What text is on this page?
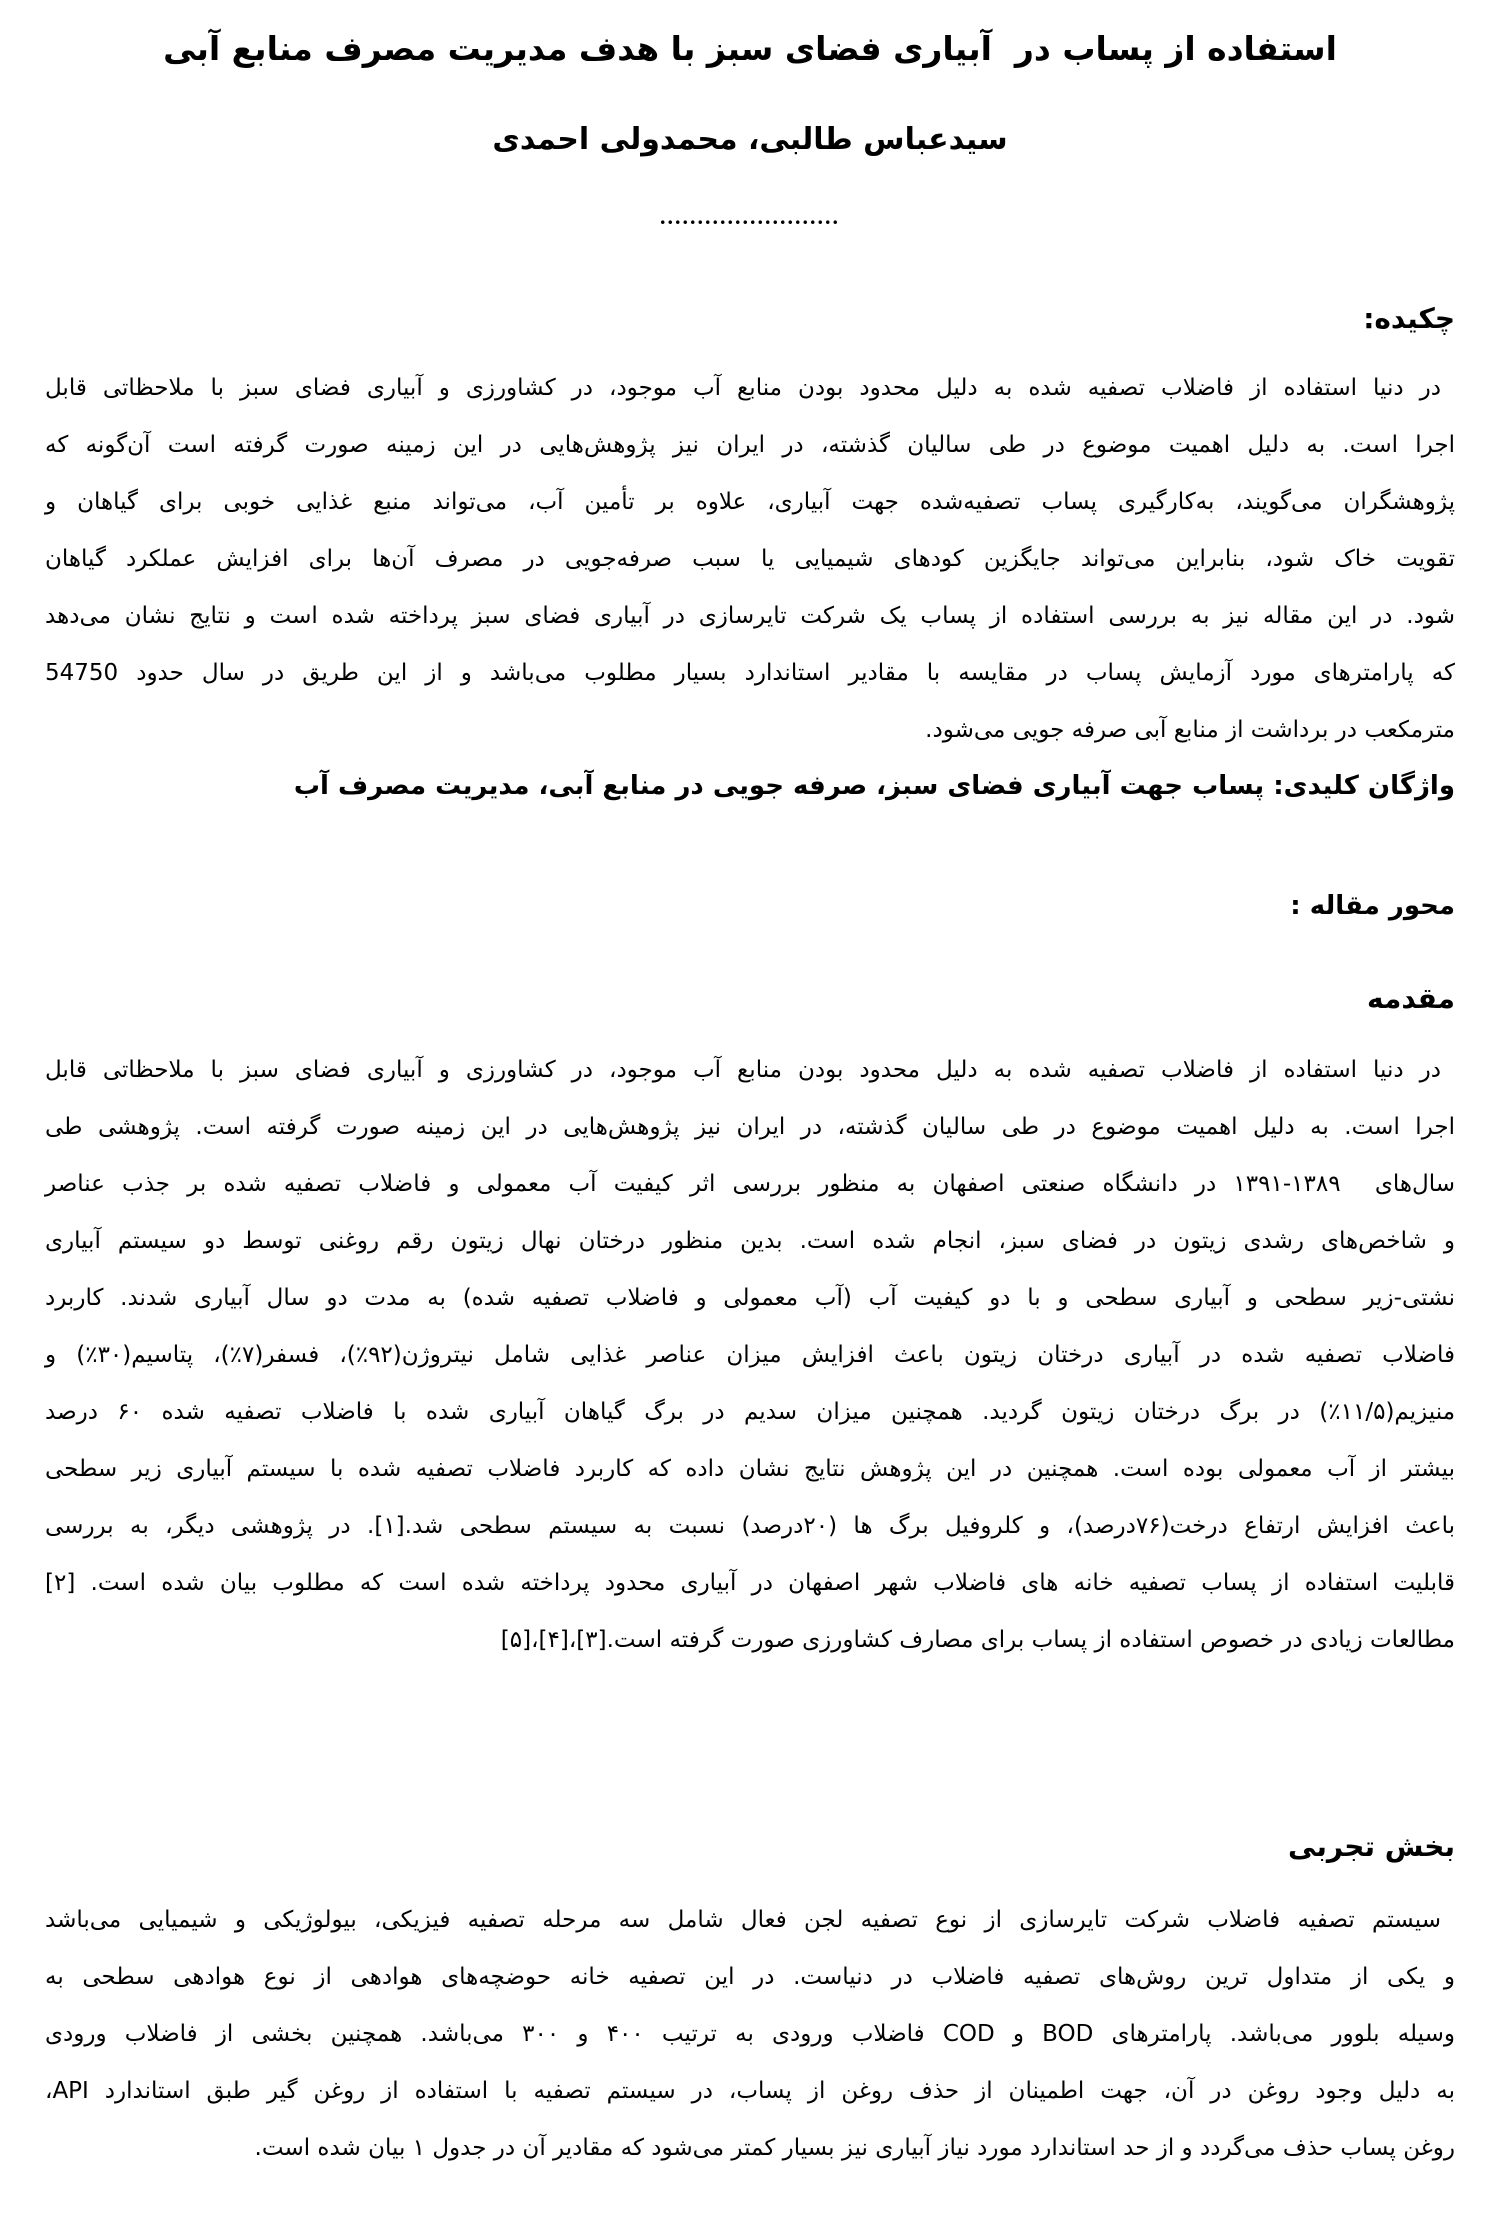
استفاده از پساب در  آبیاری فضای سبز با هدف مدیریت مصرف منابع آبی
سیدعباس طالبی، محمدولی احمدی
........................
چکیده:
در دنیا استفاده از فاضلاب تصفیه شده به دلیل محدود بودن منابع آب موجود، در کشاورزی و آبیاری فضای سبز با ملاحظاتی قابل
اجرا است. به دلیل اهمیت موضوع در طی سالیان گذشته، در ایران نیز پژوهش‌هایی در این زمینه صورت گرفته است آن‌گونه که
پژوهشگران می‌گویند، به‌کارگیری پساب تصفیه‌شده جهت آبیاری، علاوه بر تأمین آب، می‌تواند منبع غذایی خوبی برای گیاهان و
تقویت خاک شود، بنابراین می‌تواند جایگزین کودهای شیمیایی یا سبب صرفه‌جویی در مصرف آن‌ها برای افزایش عملکرد گیاهان
شود. در این مقاله نیز به بررسی استفاده از پساب یک شرکت تایرسازی در آبیاری فضای سبز پرداخته شده است و نتایج نشان می‌دهد
که پارامترهای مورد آزمایش پساب در مقایسه با مقادیر استاندارد بسیار مطلوب می‌باشد و از این طریق در سال حدود 54750
مترمکعب در برداشت از منابع آبی صرفه جویی می‌شود.
واژگان کلیدی: پساب جهت آبیاری فضای سبز، صرفه جویی در منابع آبی، مدیریت مصرف آب
محور مقاله :
مقدمه
در دنیا استفاده از فاضلاب تصفیه شده به دلیل محدود بودن منابع آب موجود، در کشاورزی و آبیاری فضای سبز با ملاحظاتی قابل
اجرا است. به دلیل اهمیت موضوع در طی سالیان گذشته، در ایران نیز پژوهش‌هایی در این زمینه صورت گرفته است. پژوهشی طی
سال‌های  ۱۳۸۹-۱۳۹۱ در دانشگاه صنعتی اصفهان به منظور بررسی اثر کیفیت آب معمولی و فاضلاب تصفیه شده بر جذب عناصر
و شاخص‌های رشدی زیتون در فضای سبز، انجام شده است. بدین منظور درختان نهال زیتون رقم روغنی توسط دو سیستم آبیاری
نشتی-زیر سطحی و آبیاری سطحی و با دو کیفیت آب (آب معمولی و فاضلاب تصفیه شده) به مدت دو سال آبیاری شدند. کاربرد
فاضلاب تصفیه شده در آبیاری درختان زیتون باعث افزایش میزان عناصر غذایی شامل نیتروژن(۹۲٪)، فسفر(۷٪)، پتاسیم(۳۰٪) و
منیزیم(۱۱/۵٪) در برگ درختان زیتون گردید. همچنین میزان سدیم در برگ گیاهان آبیاری شده با فاضلاب تصفیه شده ۶۰ درصد
بیشتر از آب معمولی بوده است. همچنین در این پژوهش نتایج نشان داده که کاربرد فاضلاب تصفیه شده با سیستم آبیاری زیر سطحی
باعث افزایش ارتفاع درخت(۷۶درصد)، و کلروفیل برگ ها (۲۰درصد) نسبت به سیستم سطحی شد.[۱]. در پژوهشی دیگر، به بررسی
قابلیت استفاده از پساب تصفیه خانه های فاضلاب شهر اصفهان در آبیاری محدود پرداخته شده است که مطلوب بیان شده است. [۲]
مطالعات زیادی در خصوص استفاده از پساب برای مصارف کشاورزی صورت گرفته است.[۳]،[۴]،[۵]
بخش تجربی
سیستم تصفیه فاضلاب شرکت تایرسازی از نوع تصفیه لجن فعال شامل سه مرحله تصفیه فیزیکی، بیولوژیکی و شیمیایی می‌باشد
و یکی از متداول ترین روش‌های تصفیه فاضلاب در دنیاست. در این تصفیه خانه حوضچه‌های هوادهی از نوع هوادهی سطحی به
وسیله بلوور می‌باشد. پارامترهای BOD و COD فاضلاب ورودی به ترتیب ۴۰۰ و ۳۰۰ می‌باشد. همچنین بخشی از فاضلاب ورودی
به دلیل وجود روغن در آن، جهت اطمینان از حذف روغن از پساب، در سیستم تصفیه با استفاده از روغن گیر طبق استاندارد API،
روغن پساب حذف می‌گردد و از حد استاندارد مورد نیاز آبیاری نیز بسیار کمتر می‌شود که مقادیر آن در جدول ۱ بیان شده است.
